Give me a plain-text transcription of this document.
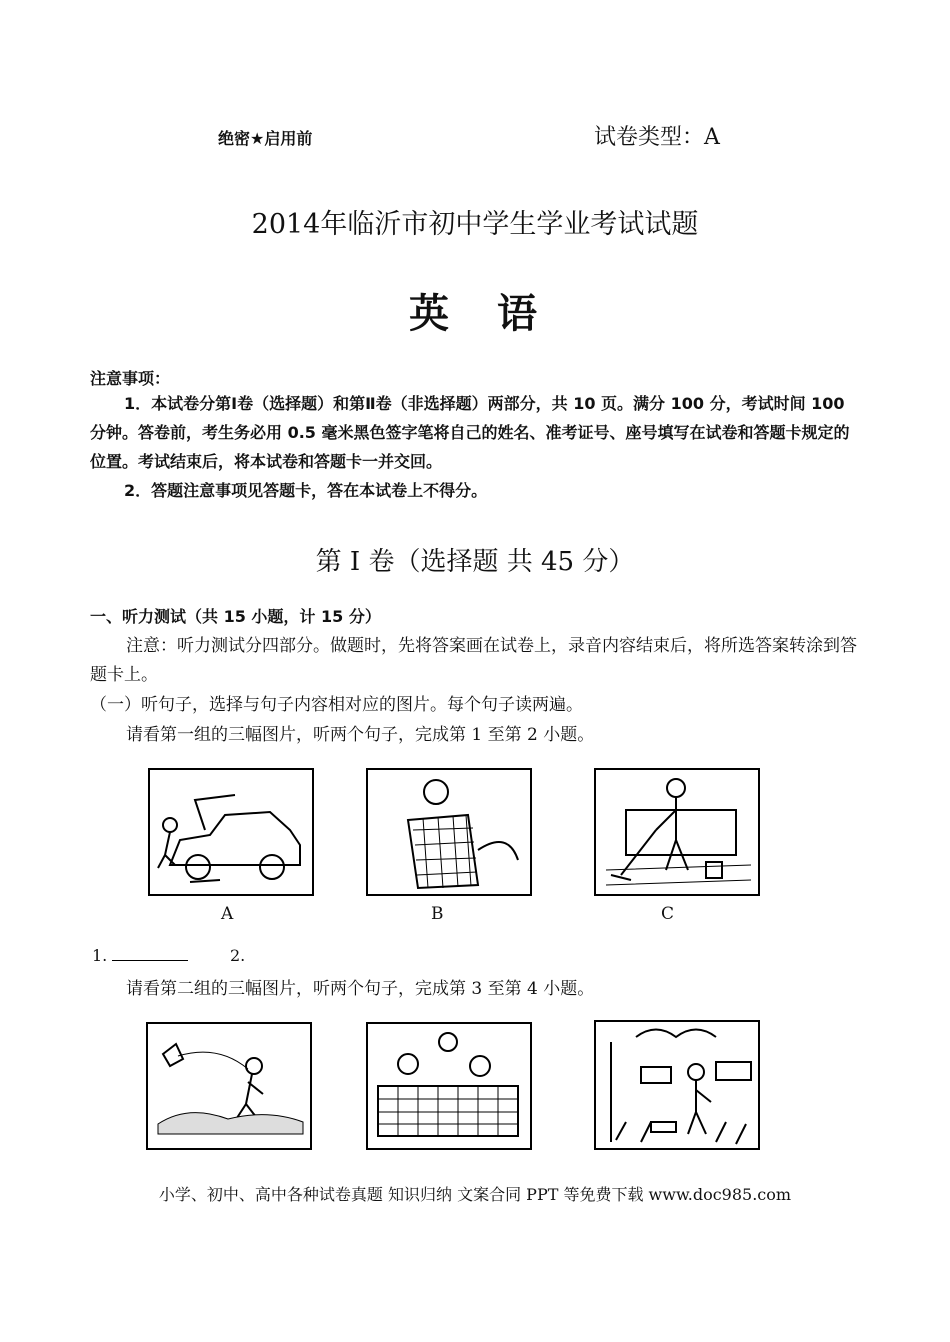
绝密★启用前	试卷类型：A
2014年临沂市初中学生学业考试试题
英　语
注意事项：
1．本试卷分第Ⅰ卷（选择题）和第Ⅱ卷（非选择题）两部分，共 10 页。满分 100 分，考试时间 100 分钟。答卷前，考生务必用 0.5 毫米黑色签字笔将自己的姓名、准考证号、座号填写在试卷和答题卡规定的位置。考试结束后，将本试卷和答题卡一并交回。
2．答题注意事项见答题卡，答在本试卷上不得分。
第 I 卷（选择题 共 45 分）
一、听力测试（共 15 小题，计 15 分）
注意：听力测试分四部分。做题时，先将答案画在试卷上，录音内容结束后，将所选答案转涂到答题卡上。
（一）听句子，选择与句子内容相对应的图片。每个句子读两遍。
请看第一组的三幅图片，听两个句子，完成第 1 至第 2 小题。
A	B	C
1.	2.
请看第二组的三幅图片，听两个句子，完成第 3 至第 4 小题。
小学、初中、高中各种试卷真题 知识归纳 文案合同 PPT 等免费下载 www.doc985.com
